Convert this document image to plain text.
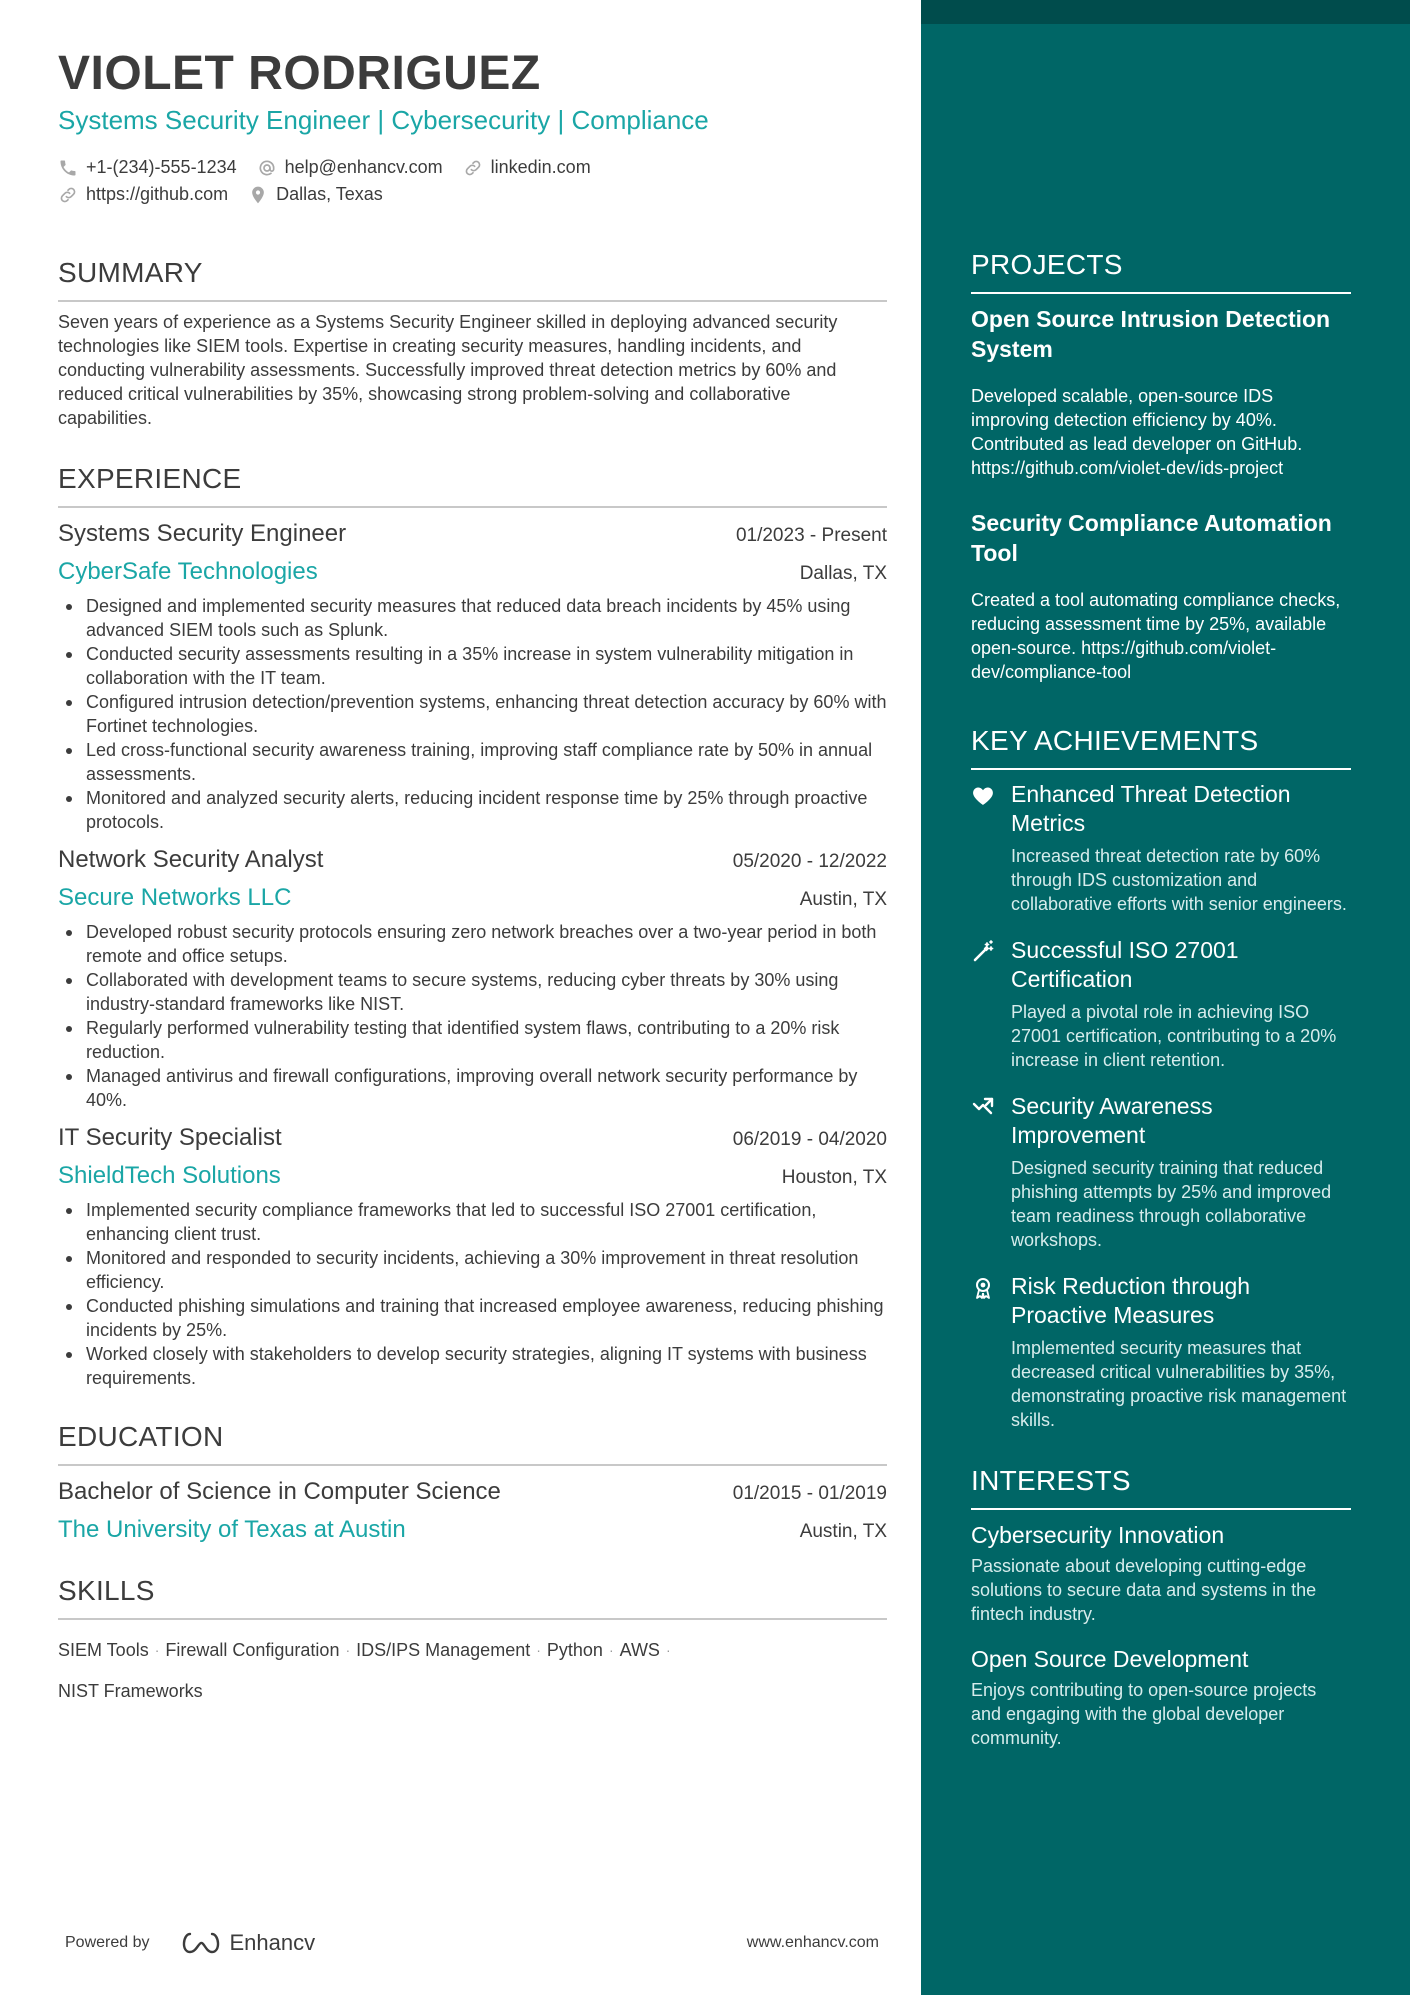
VIOLET RODRIGUEZ
Systems Security Engineer | Cybersecurity | Compliance
+1-(234)-555-1234	help@enhancv.com	linkedin.com
https://github.com	Dallas, Texas
SUMMARY
Seven years of experience as a Systems Security Engineer skilled in deploying advanced security technologies like SIEM tools. Expertise in creating security measures, handling incidents, and conducting vulnerability assessments. Successfully improved threat detection metrics by 60% and reduced critical vulnerabilities by 35%, showcasing strong problem-solving and collaborative capabilities.
EXPERIENCE
Systems Security Engineer	01/2023 - Present
CyberSafe Technologies	Dallas, TX
Designed and implemented security measures that reduced data breach incidents by 45% using advanced SIEM tools such as Splunk.
Conducted security assessments resulting in a 35% increase in system vulnerability mitigation in collaboration with the IT team.
Configured intrusion detection/prevention systems, enhancing threat detection accuracy by 60% with Fortinet technologies.
Led cross-functional security awareness training, improving staff compliance rate by 50% in annual assessments.
Monitored and analyzed security alerts, reducing incident response time by 25% through proactive protocols.
Network Security Analyst	05/2020 - 12/2022
Secure Networks LLC	Austin, TX
Developed robust security protocols ensuring zero network breaches over a two-year period in both remote and office setups.
Collaborated with development teams to secure systems, reducing cyber threats by 30% using industry-standard frameworks like NIST.
Regularly performed vulnerability testing that identified system flaws, contributing to a 20% risk reduction.
Managed antivirus and firewall configurations, improving overall network security performance by 40%.
IT Security Specialist	06/2019 - 04/2020
ShieldTech Solutions	Houston, TX
Implemented security compliance frameworks that led to successful ISO 27001 certification, enhancing client trust.
Monitored and responded to security incidents, achieving a 30% improvement in threat resolution efficiency.
Conducted phishing simulations and training that increased employee awareness, reducing phishing incidents by 25%.
Worked closely with stakeholders to develop security strategies, aligning IT systems with business requirements.
EDUCATION
Bachelor of Science in Computer Science	01/2015 - 01/2019
The University of Texas at Austin	Austin, TX
SKILLS
SIEM Tools · Firewall Configuration · IDS/IPS Management · Python · AWS ·
NIST Frameworks
Powered by	Enhancv	www.enhancv.com
PROJECTS
Open Source Intrusion Detection System
Developed scalable, open-source IDS improving detection efficiency by 40%. Contributed as lead developer on GitHub. https://github.com/violet-dev/ids-project
Security Compliance Automation Tool
Created a tool automating compliance checks, reducing assessment time by 25%, available open-source. https://github.com/violet-dev/compliance-tool
KEY ACHIEVEMENTS
Enhanced Threat Detection Metrics
Increased threat detection rate by 60% through IDS customization and collaborative efforts with senior engineers.
Successful ISO 27001 Certification
Played a pivotal role in achieving ISO 27001 certification, contributing to a 20% increase in client retention.
Security Awareness Improvement
Designed security training that reduced phishing attempts by 25% and improved team readiness through collaborative workshops.
Risk Reduction through Proactive Measures
Implemented security measures that decreased critical vulnerabilities by 35%, demonstrating proactive risk management skills.
INTERESTS
Cybersecurity Innovation
Passionate about developing cutting-edge solutions to secure data and systems in the fintech industry.
Open Source Development
Enjoys contributing to open-source projects and engaging with the global developer community.
